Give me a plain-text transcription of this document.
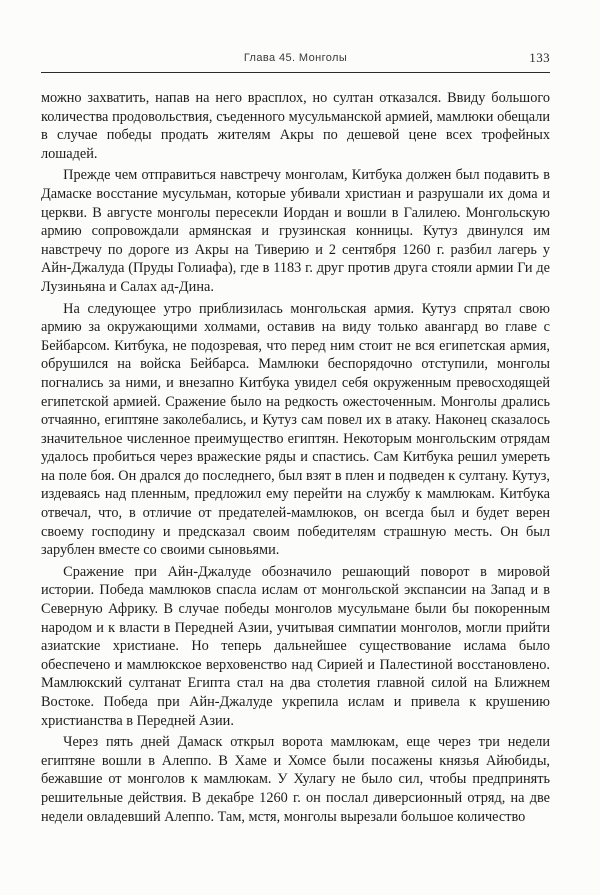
Глава 45. Монголы	133

можно захватить, напав на него врасплох, но султан отказался. Ввиду большого количества продовольствия, съеденного мусульманской армией, мамлюки обещали в случае победы продать жителям Акры по дешевой цене всех трофейных лошадей.

Прежде чем отправиться навстречу монголам, Китбука должен был подавить в Дамаске восстание мусульман, которые убивали христиан и разрушали их дома и церкви. В августе монголы пересекли Иордан и вошли в Галилею. Монгольскую армию сопровождали армянская и грузинская конницы. Кутуз двинулся им навстречу по дороге из Акры на Тиверию и 2 сентября 1260 г. разбил лагерь у Айн-Джалуда (Пруды Голиафа), где в 1183 г. друг против друга стояли армии Ги де Лузиньяна и Салах ад-Дина.

На следующее утро приблизилась монгольская армия. Кутуз спрятал свою армию за окружающими холмами, оставив на виду только авангард во главе с Бейбарсом. Китбука, не подозревая, что перед ним стоит не вся египетская армия, обрушился на войска Бейбарса. Мамлюки беспорядочно отступили, монголы погнались за ними, и внезапно Китбука увидел себя окруженным превосходящей египетской армией. Сражение было на редкость ожесточенным. Монголы дрались отчаянно, египтяне заколебались, и Кутуз сам повел их в атаку. Наконец сказалось значительное численное преимущество египтян. Некоторым монгольским отрядам удалось пробиться через вражеские ряды и спастись. Сам Китбука решил умереть на поле боя. Он дрался до последнего, был взят в плен и подведен к султану. Кутуз, издеваясь над пленным, предложил ему перейти на службу к мамлюкам. Китбука отвечал, что, в отличие от предателей-мамлюков, он всегда был и будет верен своему господину и предсказал своим победителям страшную месть. Он был зарублен вместе со своими сыновьями.

Сражение при Айн-Джалуде обозначило решающий поворот в мировой истории. Победа мамлюков спасла ислам от монгольской экспансии на Запад и в Северную Африку. В случае победы монголов мусульмане были бы покоренным народом и к власти в Передней Азии, учитывая симпатии монголов, могли прийти азиатские христиане. Но теперь дальнейшее существование ислама было обеспечено и мамлюкское верховенство над Сирией и Палестиной восстановлено. Мамлюкский султанат Египта стал на два столетия главной силой на Ближнем Востоке. Победа при Айн-Джалуде укрепила ислам и привела к крушению христианства в Передней Азии.

Через пять дней Дамаск открыл ворота мамлюкам, еще через три недели египтяне вошли в Алеппо. В Хаме и Хомсе были посажены князья Айюбиды, бежавшие от монголов к мамлюкам. У Хулагу не было сил, чтобы предпринять решительные действия. В декабре 1260 г. он послал диверсионный отряд, на две недели овладевший Алеппо. Там, мстя, монголы вырезали большое количество
